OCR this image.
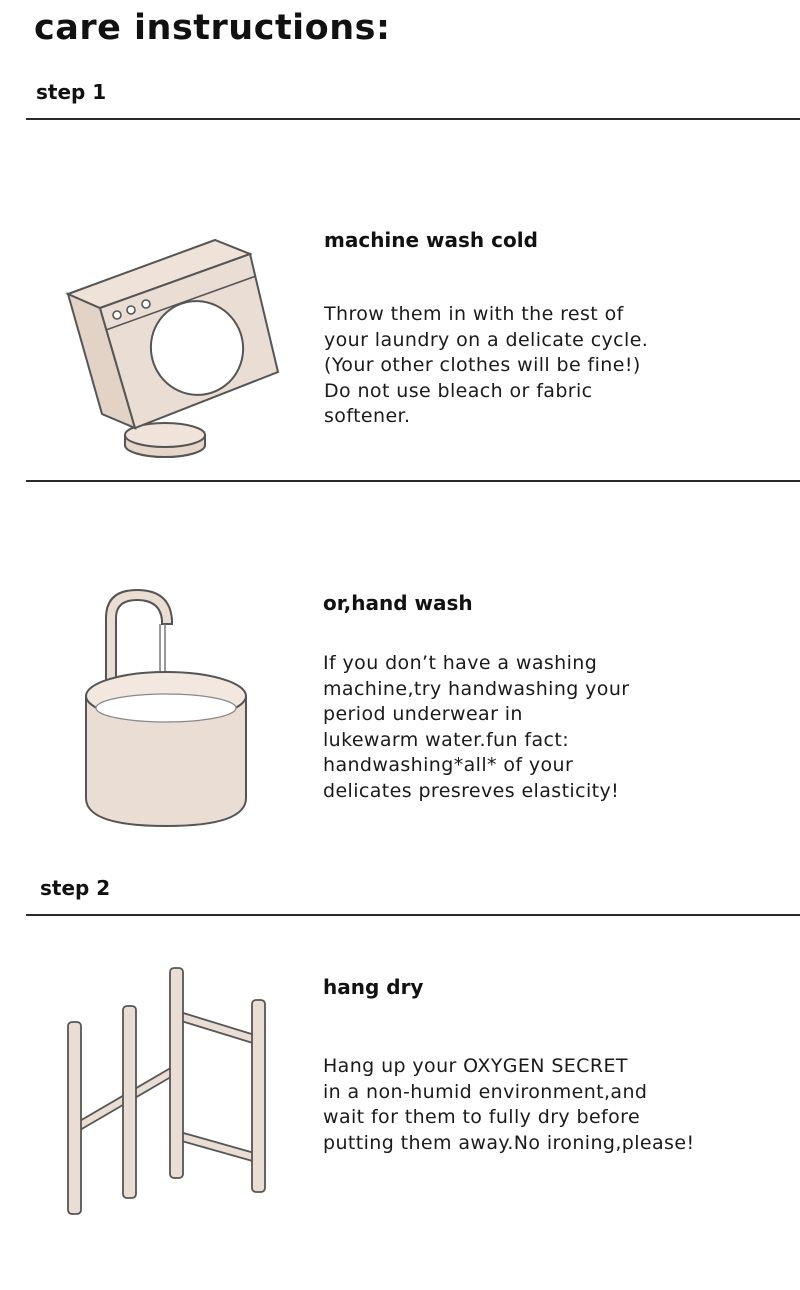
care instructions:
step 1
machine wash cold
Throw them in with the rest of
your laundry on a delicate cycle.
(Your other clothes will be fine!)
Do not use bleach or fabric
softener.
or,hand wash
If you don’t have a washing
machine,try handwashing your
period underwear in
lukewarm water.fun fact:
handwashing*all* of your
delicates presreves elasticity!
step 2
hang dry
Hang up your OXYGEN SECRET
in a non-humid environment,and
wait for them to fully dry before
putting them away.No ironing,please!
